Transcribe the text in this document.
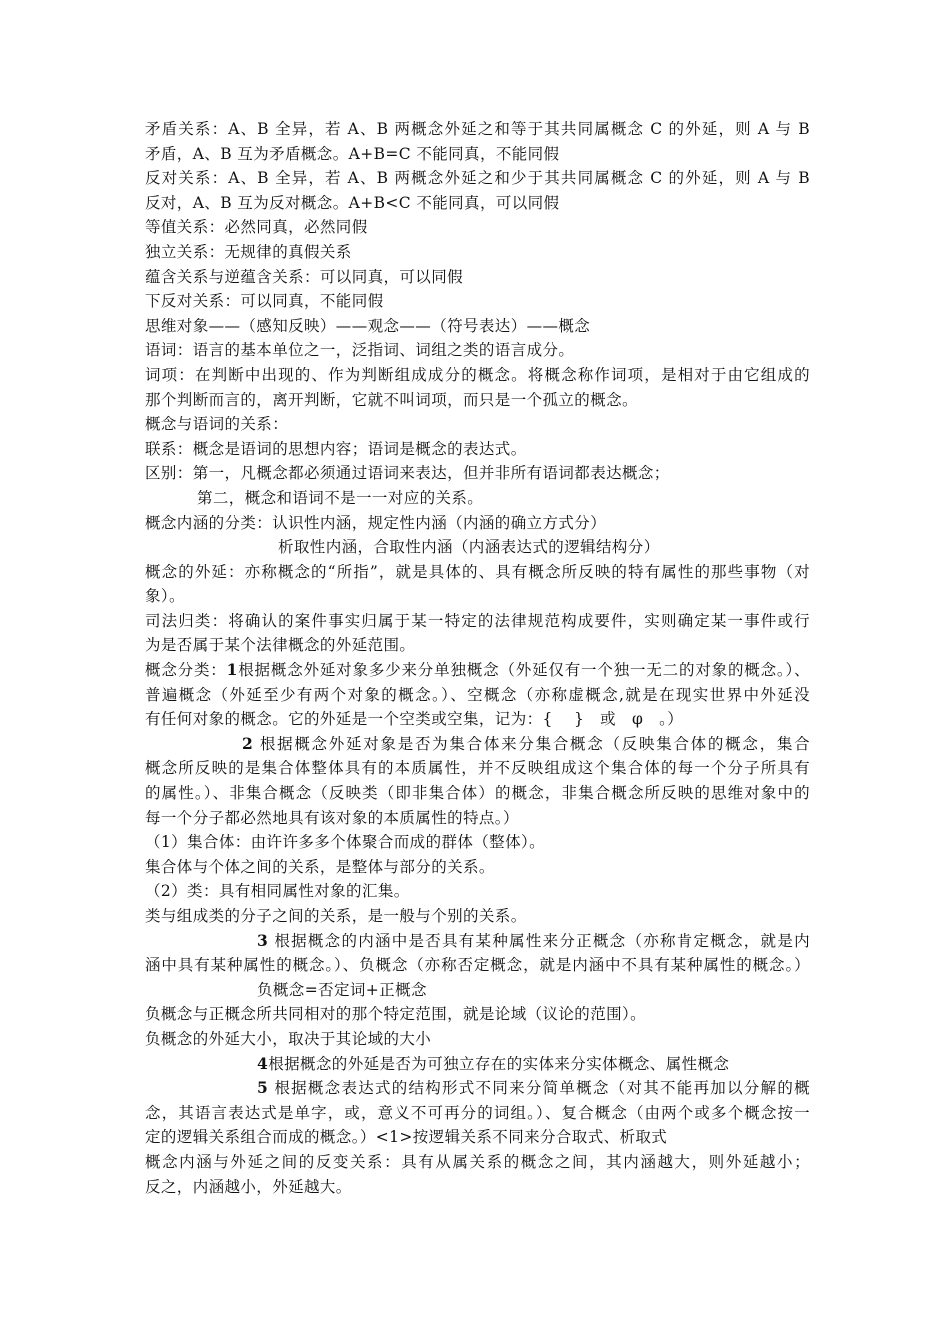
矛盾关系：A、B 全异，若 A、B 两概念外延之和等于其共同属概念 C 的外延，则 A 与 B
矛盾，A、B 互为矛盾概念。A+B=C 不能同真，不能同假
反对关系：A、B 全异，若 A、B 两概念外延之和少于其共同属概念 C 的外延，则 A 与 B
反对，A、B 互为反对概念。A+B<C 不能同真，可以同假
等值关系：必然同真，必然同假
独立关系：无规律的真假关系
蕴含关系与逆蕴含关系：可以同真，可以同假
下反对关系：可以同真，不能同假
思维对象——（感知反映）——观念——（符号表达）——概念
语词：语言的基本单位之一，泛指词、词组之类的语言成分。
词项：在判断中出现的、作为判断组成成分的概念。将概念称作词项，是相对于由它组成的
那个判断而言的，离开判断，它就不叫词项，而只是一个孤立的概念。
概念与语词的关系：
联系：概念是语词的思想内容；语词是概念的表达式。
区别：第一，凡概念都必须通过语词来表达，但并非所有语词都表达概念；
第二，概念和语词不是一一对应的关系。
概念内涵的分类：认识性内涵，规定性内涵（内涵的确立方式分）
析取性内涵，合取性内涵（内涵表达式的逻辑结构分）
概念的外延：亦称概念的“所指”，就是具体的、具有概念所反映的特有属性的那些事物（对
象）。
司法归类：将确认的案件事实归属于某一特定的法律规范构成要件，实则确定某一事件或行
为是否属于某个法律概念的外延范围。
概念分类：1根据概念外延对象多少来分单独概念（外延仅有一个独一无二的对象的概念。）、
普遍概念（外延至少有两个对象的概念。）、空概念（亦称虚概念,就是在现实世界中外延没
有任何对象的概念。它的外延是一个空类或空集，记为：{　 }　或　φ　。）
2 根据概念外延对象是否为集合体来分集合概念（反映集合体的概念，集合
概念所反映的是集合体整体具有的本质属性，并不反映组成这个集合体的每一个分子所具有
的属性。）、非集合概念（反映类（即非集合体）的概念，非集合概念所反映的思维对象中的
每一个分子都必然地具有该对象的本质属性的特点。）
（1）集合体：由许许多多个体聚合而成的群体（整体）。
集合体与个体之间的关系，是整体与部分的关系。
（2）类：具有相同属性对象的汇集。
类与组成类的分子之间的关系，是一般与个别的关系。
3 根据概念的内涵中是否具有某种属性来分正概念（亦称肯定概念，就是内
涵中具有某种属性的概念。）、负概念（亦称否定概念，就是内涵中不具有某种属性的概念。）
负概念=否定词+正概念
负概念与正概念所共同相对的那个特定范围，就是论域（议论的范围）。
负概念的外延大小，取决于其论域的大小
4根据概念的外延是否为可独立存在的实体来分实体概念、属性概念
5 根据概念表达式的结构形式不同来分简单概念（对其不能再加以分解的概
念，其语言表达式是单字，或，意义不可再分的词组。）、复合概念（由两个或多个概念按一
定的逻辑关系组合而成的概念。）<1>按逻辑关系不同来分合取式、析取式
概念内涵与外延之间的反变关系：具有从属关系的概念之间，其内涵越大，则外延越小；
反之，内涵越小，外延越大。
